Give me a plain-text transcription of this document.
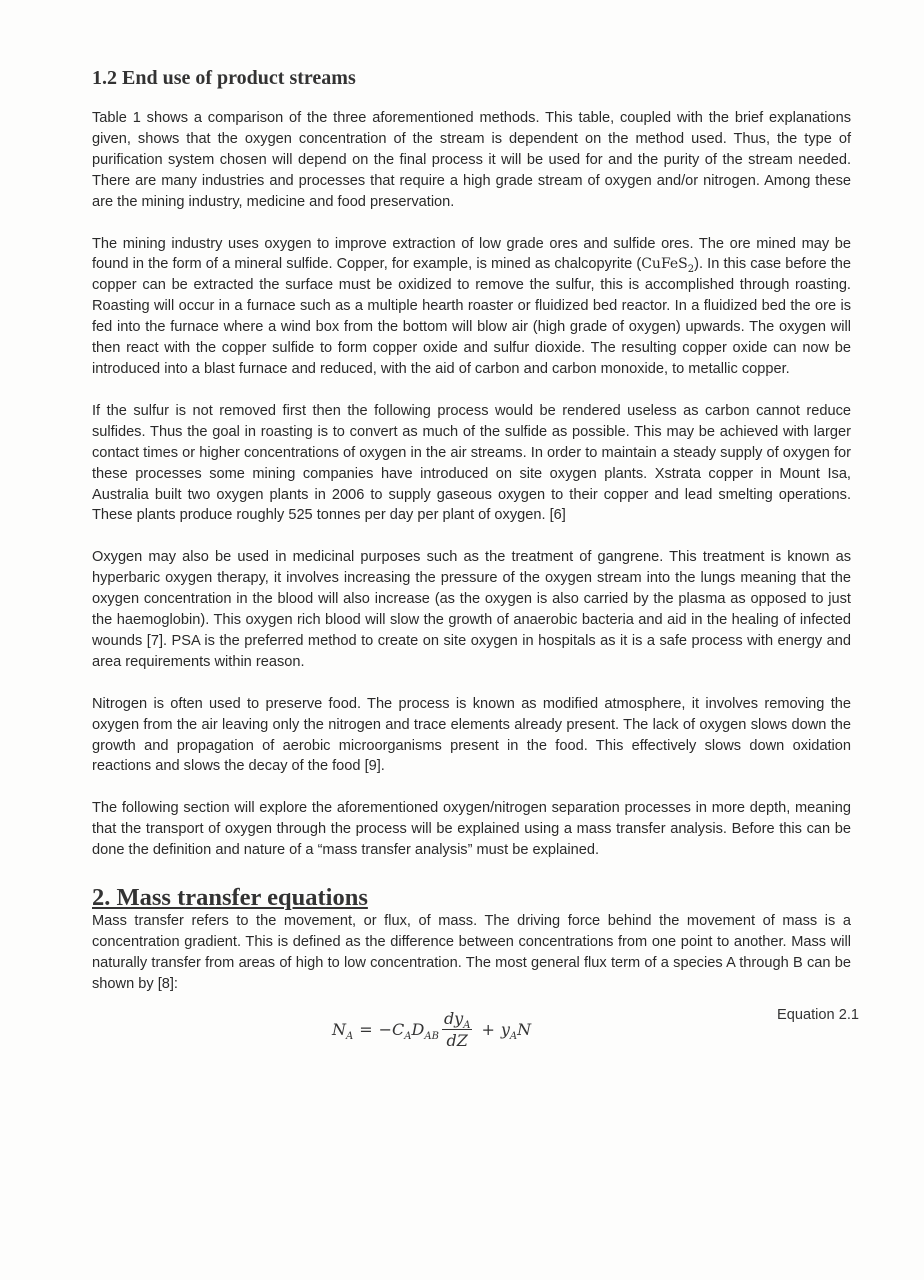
1.2 End use of product streams

Table 1 shows a comparison of the three aforementioned methods. This table, coupled with the brief explanations given, shows that the oxygen concentration of the stream is dependent on the method used. Thus, the type of purification system chosen will depend on the final process it will be used for and the purity of the stream needed. There are many industries and processes that require a high grade stream of oxygen and/or nitrogen. Among these are the mining industry, medicine and food preservation.

The mining industry uses oxygen to improve extraction of low grade ores and sulfide ores. The ore mined may be found in the form of a mineral sulfide. Copper, for example, is mined as chalcopyrite (CuFeS$_2$). In this case before the copper can be extracted the surface must be oxidized to remove the sulfur, this is accomplished through roasting. Roasting will occur in a furnace such as a multiple hearth roaster or fluidized bed reactor. In a fluidized bed the ore is fed into the furnace where a wind box from the bottom will blow air (high grade of oxygen) upwards. The oxygen will then react with the copper sulfide to form copper oxide and sulfur dioxide. The resulting copper oxide can now be introduced into a blast furnace and reduced, with the aid of carbon and carbon monoxide, to metallic copper.

If the sulfur is not removed first then the following process would be rendered useless as carbon cannot reduce sulfides. Thus the goal in roasting is to convert as much of the sulfide as possible. This may be achieved with larger contact times or higher concentrations of oxygen in the air streams. In order to maintain a steady supply of oxygen for these processes some mining companies have introduced on site oxygen plants. Xstrata copper in Mount Isa, Australia built two oxygen plants in 2006 to supply gaseous oxygen to their copper and lead smelting operations. These plants produce roughly 525 tonnes per day per plant of oxygen. [6]

Oxygen may also be used in medicinal purposes such as the treatment of gangrene. This treatment is known as hyperbaric oxygen therapy, it involves increasing the pressure of the oxygen stream into the lungs meaning that the oxygen concentration in the blood will also increase (as the oxygen is also carried by the plasma as opposed to just the haemoglobin). This oxygen rich blood will slow the growth of anaerobic bacteria and aid in the healing of infected wounds [7]. PSA is the preferred method to create on site oxygen in hospitals as it is a safe process with energy and area requirements within reason.

Nitrogen is often used to preserve food. The process is known as modified atmosphere, it involves removing the oxygen from the air leaving only the nitrogen and trace elements already present. The lack of oxygen slows down the growth and propagation of aerobic microorganisms present in the food. This effectively slows down oxidation reactions and slows the decay of the food [9].

The following section will explore the aforementioned oxygen/nitrogen separation processes in more depth, meaning that the transport of oxygen through the process will be explained using a mass transfer analysis. Before this can be done the definition and nature of a “mass transfer analysis” must be explained.

2. Mass transfer equations

Mass transfer refers to the movement, or flux, of mass. The driving force behind the movement of mass is a concentration gradient. This is defined as the difference between concentrations from one point to another. Mass will naturally transfer from areas of high to low concentration. The most general flux term of a species A through B can be shown by [8]:

$N_A$ = − $C_A$ $D_{AB} \frac{dy_A}{dZ} + y_A$ N
Equation 2.1
